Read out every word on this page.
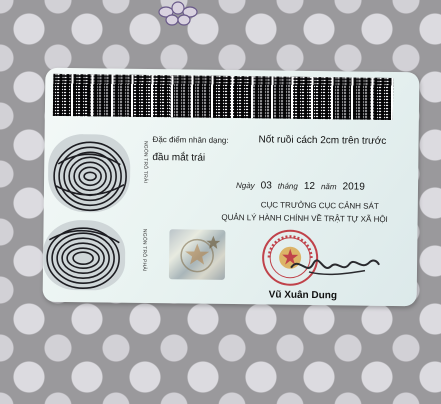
NGÓN TRỎ TRÁI
NGÓN TRỎ PHẢI
Đặc điểm nhân dạng:	Nốt ruồi cách 2cm trên trước
đầu mắt trái
Ngày 03 tháng 12 năm 2019
CỤC TRƯỞNG CỤC CẢNH SÁT
QUẢN LÝ HÀNH CHÍNH VỀ TRẬT TỰ XÃ HỘI
Vũ Xuân Dung
